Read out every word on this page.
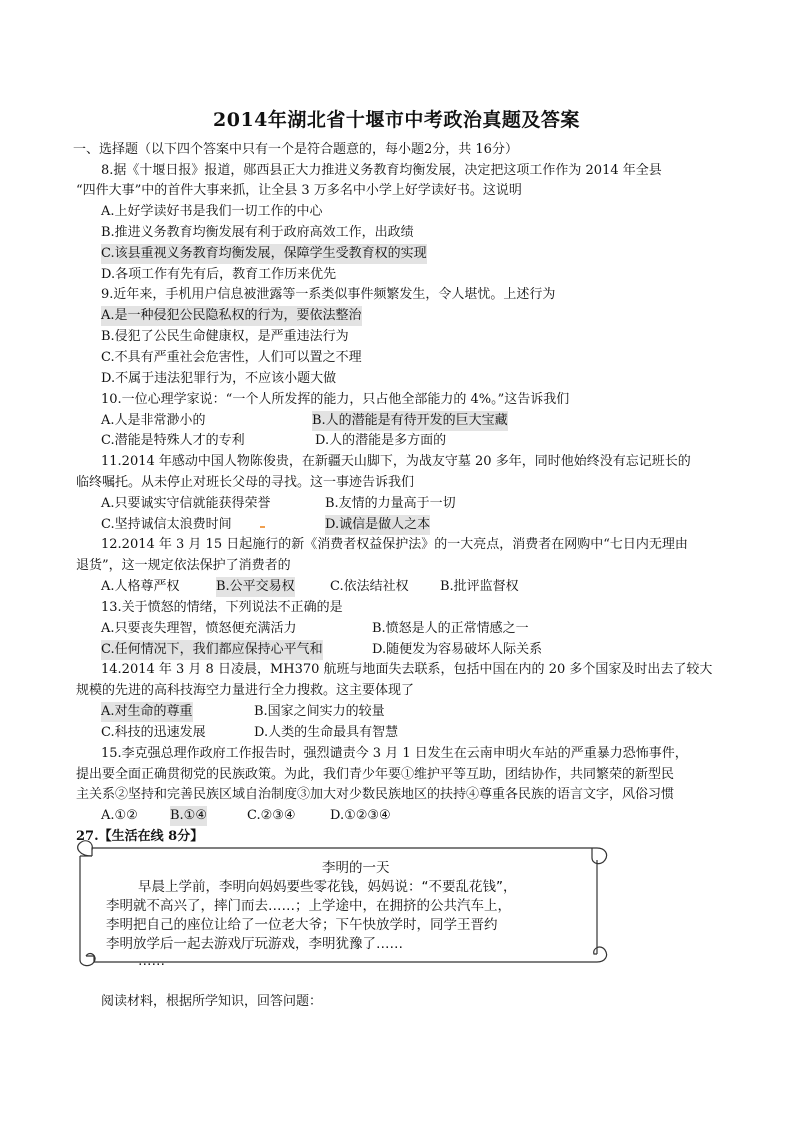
2014年湖北省十堰市中考政治真题及答案
一、选择题（以下四个答案中只有一个是符合题意的，每小题2分，共 16分）
8.据《十堰日报》报道，郧西县正大力推进义务教育均衡发展，决定把这项工作作为 2014 年全县
“四件大事”中的首件大事来抓，让全县 3 万多名中小学上好学读好书。这说明
A.上好学读好书是我们一切工作的中心
B.推进义务教育均衡发展有利于政府高效工作，出政绩
C.该县重视义务教育均衡发展，保障学生受教育权的实现
D.各项工作有先有后，教育工作历来优先
9.近年来，手机用户信息被泄露等一系类似事件频繁发生，令人堪忧。上述行为
A.是一种侵犯公民隐私权的行为，要依法整治
B.侵犯了公民生命健康权，是严重违法行为
C.不具有严重社会危害性，人们可以置之不理
D.不属于违法犯罪行为，不应该小题大做
10.一位心理学家说：“一个人所发挥的能力，只占他全部能力的 4%。”这告诉我们
A.人是非常渺小的	B.人的潜能是有待开发的巨大宝藏
C.潜能是特殊人才的专利	D.人的潜能是多方面的
11.2014 年感动中国人物陈俊贵，在新疆天山脚下，为战友守墓 20 多年，同时他始终没有忘记班长的
临终嘱托。从未停止对班长父母的寻找。这一事迹告诉我们
A.只要诚实守信就能获得荣誉	B.友情的力量高于一切
C.坚持诚信太浪费时间	D.诚信是做人之本
12.2014 年 3 月 15 日起施行的新《消费者权益保护法》的一大亮点，消费者在网购中“七日内无理由
退货”，这一规定依法保护了消费者的
A.人格尊严权	B.公平交易权	C.依法结社权 B.批评监督权
13.关于愤怒的情绪，下列说法不正确的是
A.只要丧失理智，愤怒便充满活力	B.愤怒是人的正常情感之一
C.任何情况下，我们都应保持心平气和	D.随便发为容易破坏人际关系
14.2014 年 3 月 8 日凌晨，MH370 航班与地面失去联系，包括中国在内的 20 多个国家及时出去了较大
规模的先进的高科技海空力量进行全力搜救。这主要体现了
A.对生命的尊重	B.国家之间实力的较量
C.科技的迅速发展	D.人类的生命最具有智慧
15.李克强总理作政府工作报告时，强烈谴责今 3 月 1 日发生在云南申明火车站的严重暴力恐怖事件，
提出要全面正确贯彻党的民族政策。为此，我们青少年要①维护平等互助，团结协作，共同繁荣的新型民
主关系②坚持和完善民族区域自治制度③加大对少数民族地区的扶持④尊重各民族的语言文字，风俗习惯
A.①② B.①④	C.②③④	D.①②③④
27.【生活在线 8分】
李明的一天
早晨上学前，李明向妈妈要些零花钱，妈妈说：“不要乱花钱”，
李明就不高兴了，摔门而去……；上学途中，在拥挤的公共汽车上，
李明把自己的座位让给了一位老大爷；下午快放学时，同学王晋约
李明放学后一起去游戏厅玩游戏，李明犹豫了……
……
阅读材料，根据所学知识，回答问题：
